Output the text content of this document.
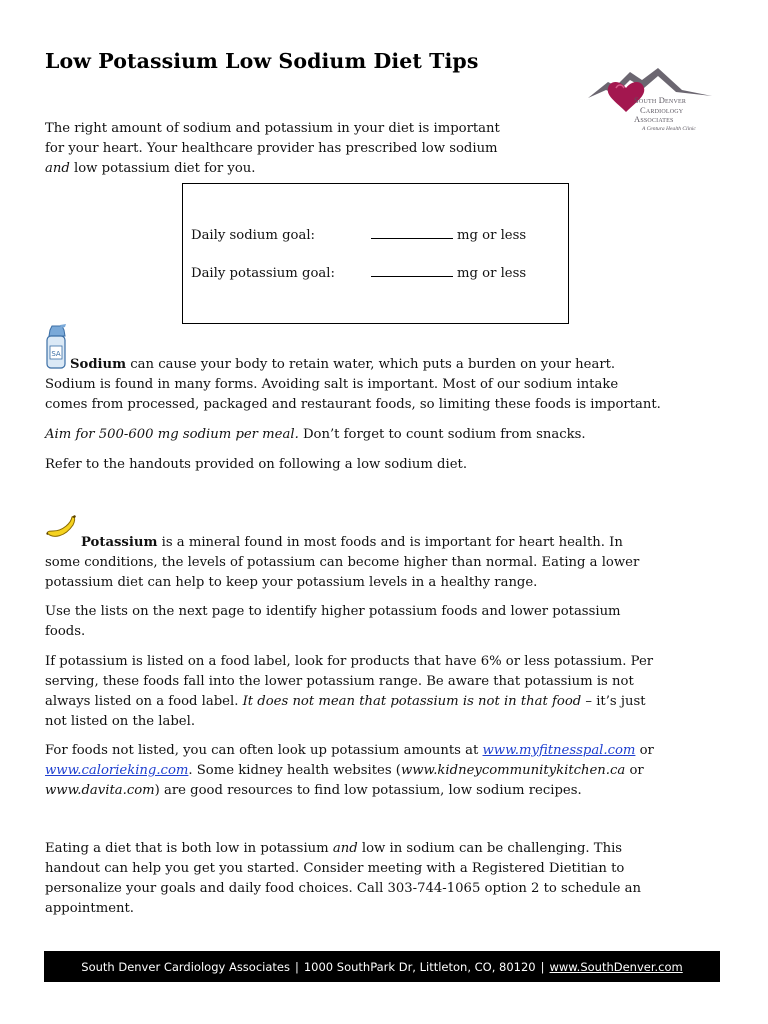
Low Potassium Low Sodium Diet Tips
South Denver
Cardiology
Associates
A Centura Health Clinic

The right amount of sodium and potassium in your diet is important

for your heart. Your healthcare provider has prescribed low sodium

and low potassium diet for you.

Daily sodium goal:	mg or less
Daily potassium goal:	mg or less
SA

Sodium can cause your body to retain water, which puts a burden on your heart.

Sodium is found in many forms. Avoiding salt is important. Most of our sodium intake

comes from processed, packaged and restaurant foods, so limiting these foods is important.

Aim for 500-600 mg sodium per meal. Don’t forget to count sodium from snacks.

Refer to the handouts provided on following a low sodium diet.

Potassium is a mineral found in most foods and is important for heart health. In

some conditions, the levels of potassium can become higher than normal. Eating a lower

potassium diet can help to keep your potassium levels in a healthy range.

Use the lists on the next page to identify higher potassium foods and lower potassium

foods.

If potassium is listed on a food label, look for products that have 6% or less potassium. Per

serving, these foods fall into the lower potassium range. Be aware that potassium is not

always listed on a food label. It does not mean that potassium is not in that food – it’s just

not listed on the label.

For foods not listed, you can often look up potassium amounts at www.myfitnesspal.com or

www.calorieking.com. Some kidney health websites (www.kidneycommunitykitchen.ca or

www.davita.com) are good resources to find low potassium, low sodium recipes.

Eating a diet that is both low in potassium and low in sodium can be challenging. This

handout can help you get you started. Consider meeting with a Registered Dietitian to

personalize your goals and daily food choices. Call 303-744-1065 option 2 to schedule an

appointment.

South Denver Cardiology Associates | 1000 SouthPark Dr, Littleton, CO, 80120 | www.SouthDenver.com
